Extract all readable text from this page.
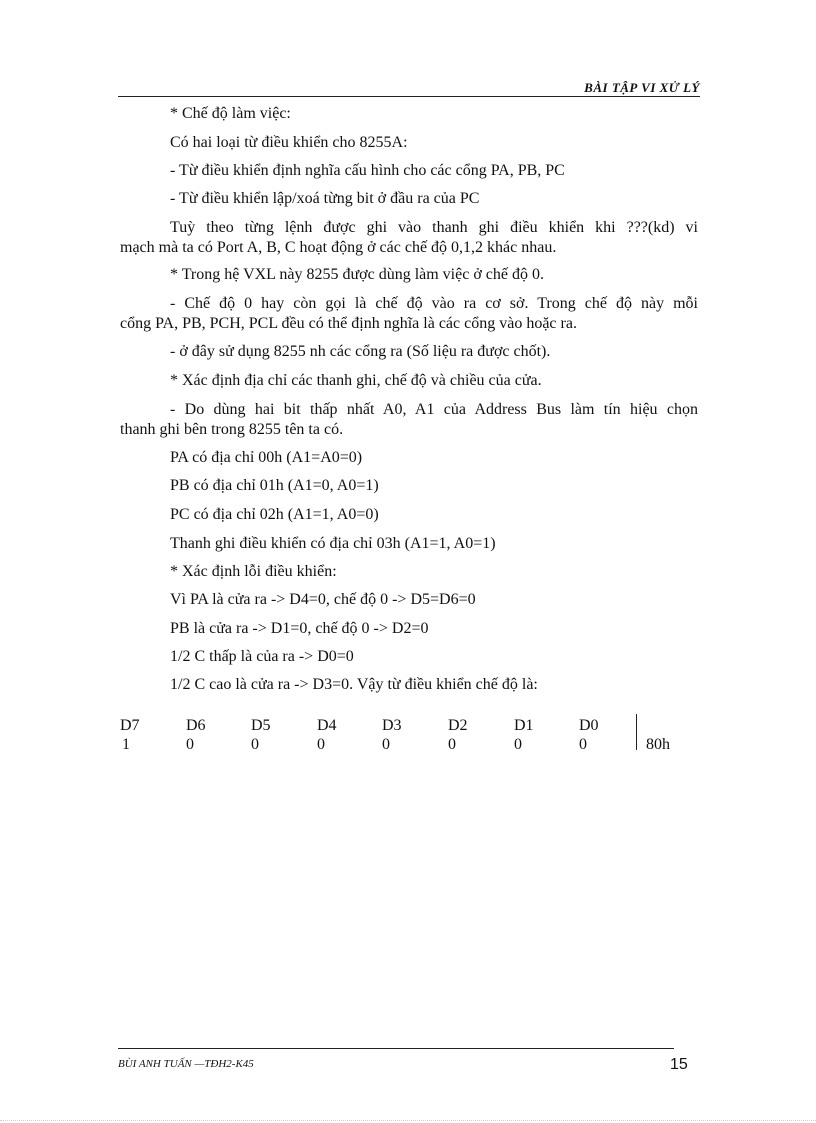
BÀI TẬP VI XỬ LÝ
* Chế độ làm việc:
Có hai loại từ điều khiển cho 8255A:
- Từ điều khiển định nghĩa cấu hình cho các cổng PA, PB, PC
- Từ điều khiển lập/xoá từng bit ở đầu ra của PC
Tuỳ theo từng lệnh được ghi vào thanh ghi điều khiển khi ???(kd) vi
mạch mà ta có Port A, B, C hoạt động ở các chế độ 0,1,2 khác nhau.
* Trong hệ VXL này 8255 được dùng làm việc ở chế độ 0.
- Chế độ 0 hay còn gọi là chế độ vào ra cơ sở. Trong chế độ này mỗi
cổng PA, PB, PCH, PCL đều có thể định nghĩa là các cổng vào hoặc ra.
- ở đây sử dụng 8255 nh các cổng ra (Số liệu ra được chốt).
* Xác định địa chỉ các thanh ghi, chế độ và chiều của cửa.
- Do dùng hai bit thấp nhất A0, A1 của Address Bus làm tín hiệu chọn
thanh ghi bên trong 8255 tên ta có.
PA có địa chỉ 00h (A1=A0=0)
PB có địa chỉ 01h (A1=0, A0=1)
PC có địa chỉ 02h (A1=1, A0=0)
Thanh ghi điều khiển có địa chỉ 03h (A1=1, A0=1)
* Xác định lỗi điều khiển:
Vì PA là cửa ra -> D4=0, chế độ 0 -> D5=D6=0
PB là cửa ra -> D1=0, chế độ 0 -> D2=0
1/2 C thấp là của ra -> D0=0
1/2 C cao là cửa ra -> D3=0. Vậy từ điều khiển chế độ là:
D7	D6	D5	D4	D3	D2	D1	D0
1	0	0	0	0	0	0	0	80h
BÙI ANH TUẤN —TĐH2-K45	15
